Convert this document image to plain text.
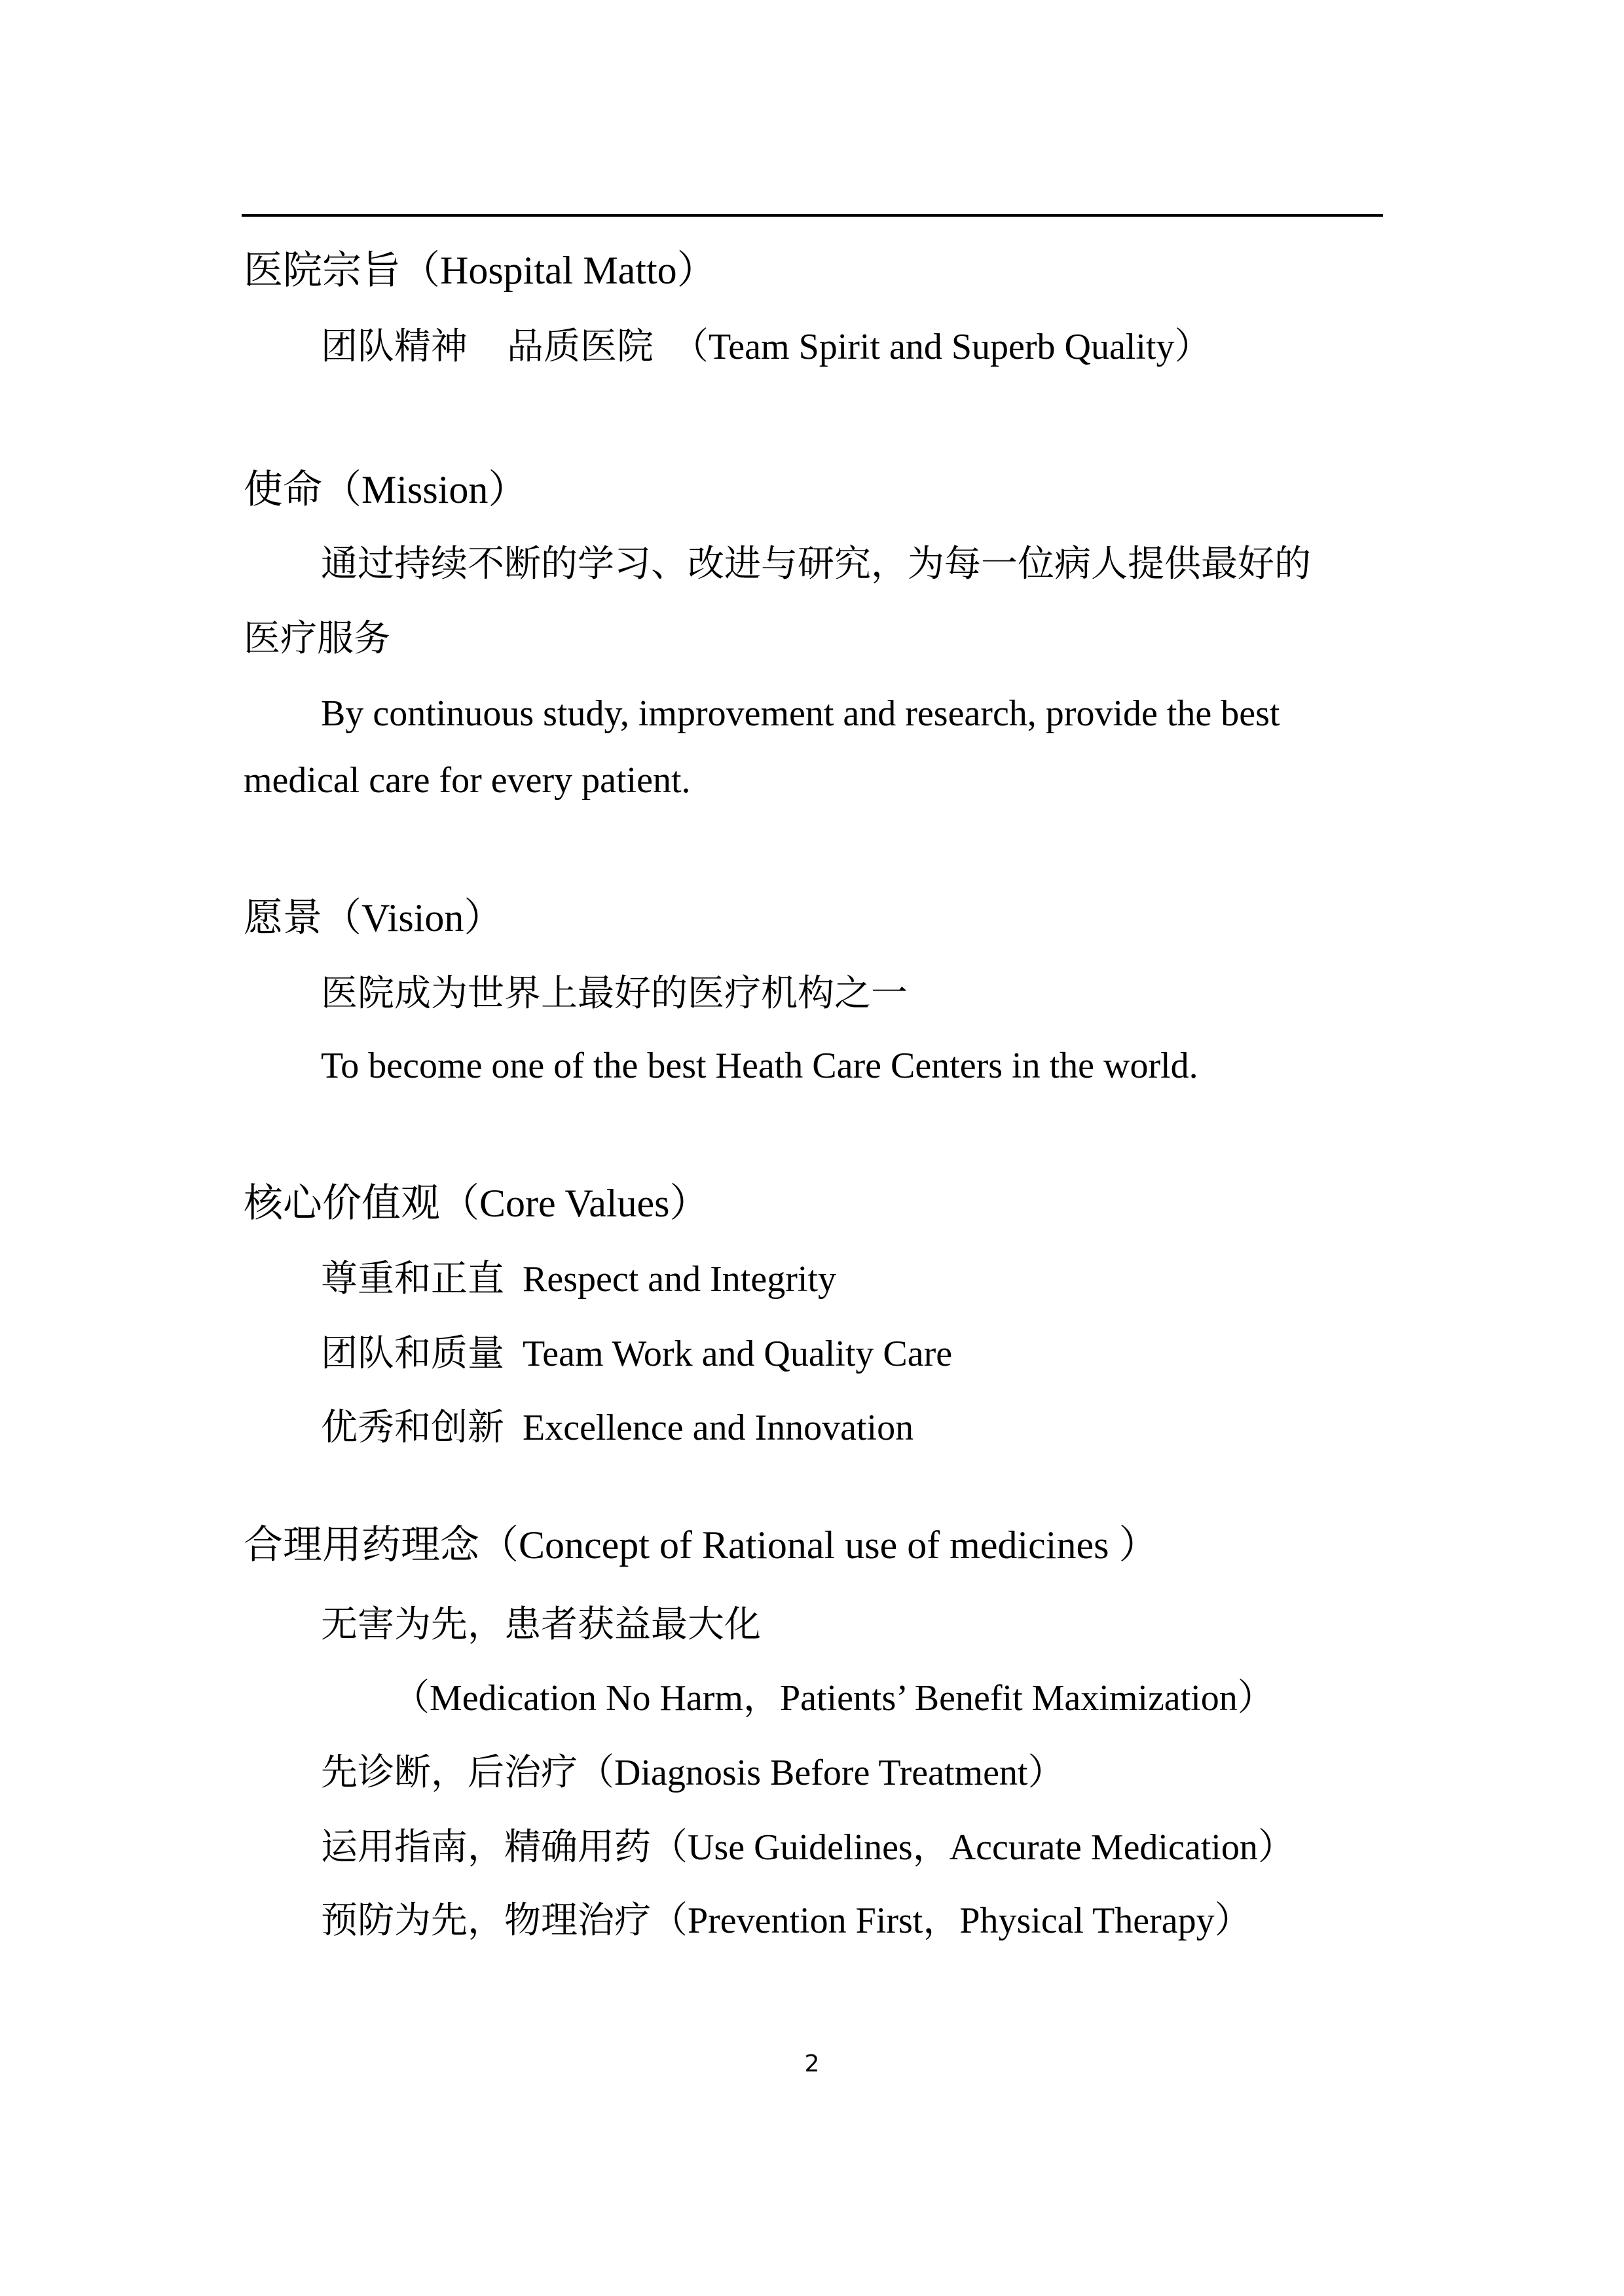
医院宗旨（Hospital Matto）
团队精神 品质医院 （Team Spirit and Superb Quality）
使命（Mission）
通过持续不断的学习、改进与研究，为每一位病人提供最好的
医疗服务
By continuous study, improvement and research, provide the best
medical care for every patient.
愿景（Vision）
医院成为世界上最好的医疗机构之一
To become one of the best Heath Care Centers in the world.
核心价值观（Core Values）
尊重和正直 Respect and Integrity
团队和质量 Team Work and Quality Care
优秀和创新 Excellence and Innovation
合理用药理念（Concept of Rational use of medicines ）
无害为先，患者获益最大化
（Medication No Harm，Patients’ Benefit Maximization）
先诊断，后治疗（Diagnosis Before Treatment）
运用指南，精确用药（Use Guidelines，Accurate Medication）
预防为先，物理治疗（Prevention First，Physical Therapy）
2
